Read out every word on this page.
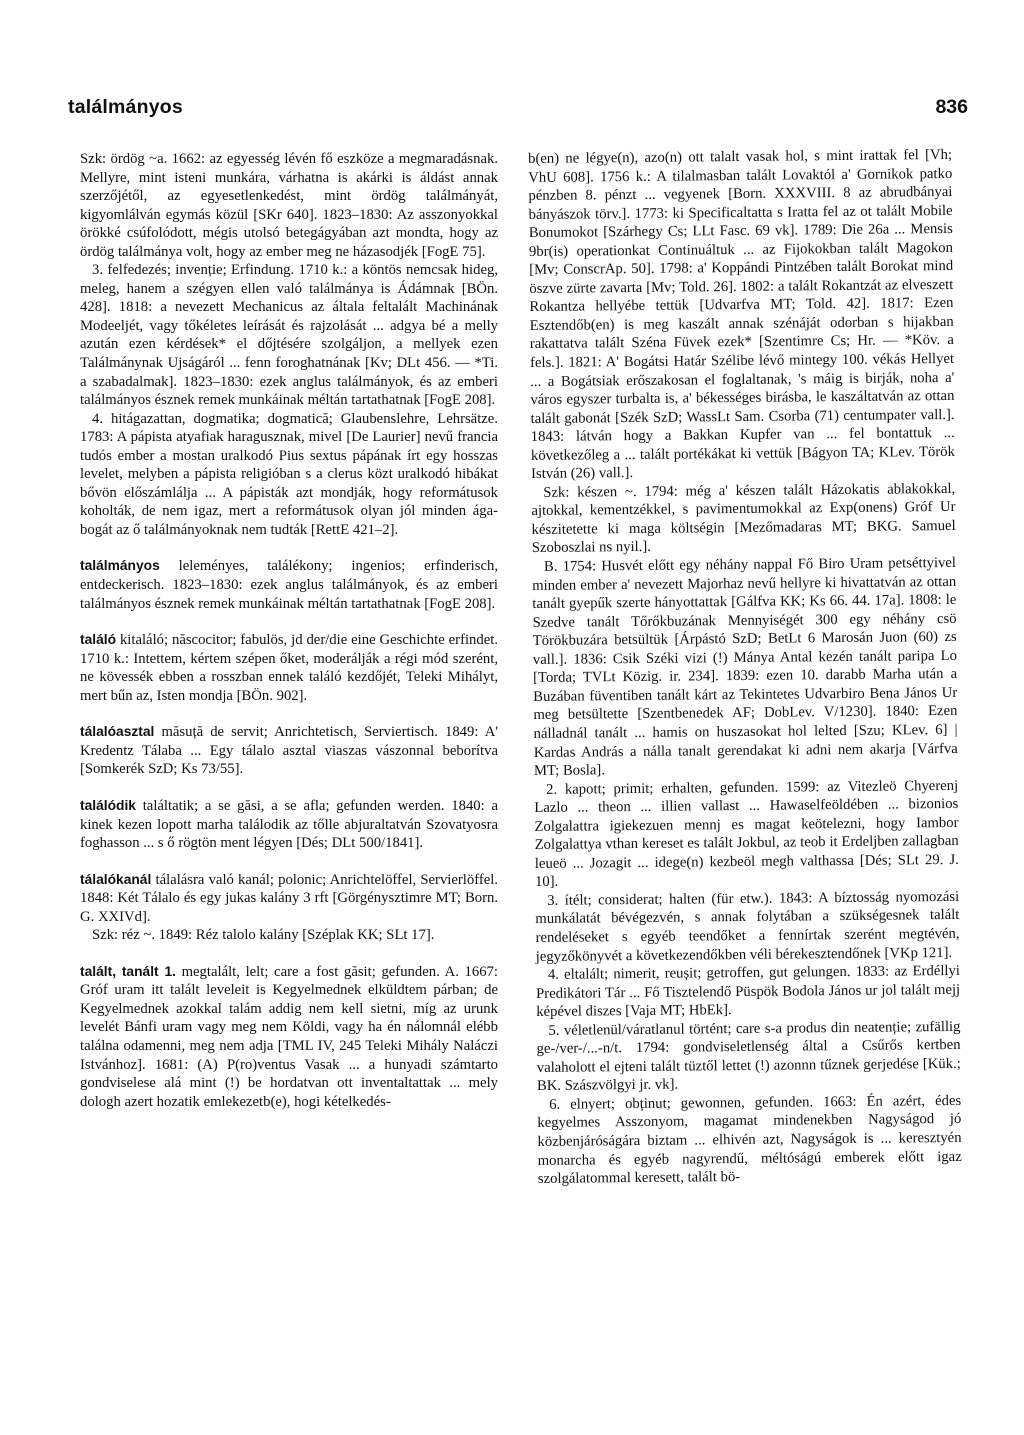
találmányos	836

Szk: ördög ~a. 1662: az egyesség lévén fő eszköze a megmaradásnak. Mellyre, mint isteni munkára, várhatna is akárki is áldást annak szerzőjétől, az egyesetlenkedést, mint ördög találmányát, kigyomlálván egymás közül [SKr 640]. 1823–1830: Az asszonyokkal örökké csúfolódott, mégis utolsó betegágyában azt mondta, hogy az ördög találmánya volt, hogy az ember meg ne házasodjék [FogE 75].

3. felfedezés; invenție; Erfindung. 1710 k.: a köntös nemcsak hideg, meleg, hanem a szégyen ellen való találmánya is Ádámnak [BÖn. 428]. 1818: a nevezett Mechanicus az általa feltalált Machinának Modeeljét, vagy tőkéletes leírását és rajzolását ... adgya bé a melly azután ezen kérdések* el dőjtésére szolgáljon, a mellyek ezen Találmánynak Ujságáról ... fenn foroghatnának [Kv; DLt 456. — *Ti. a szabadalmak]. 1823–1830: ezek anglus találmányok, és az emberi találmányos észnek remek munkáinak méltán tartathatnak [FogE 208].

4. hitágazattan, dogmatika; dogmatică; Glaubenslehre, Lehrsätze. 1783: A pápista atyafiak haragusznak, mivel [De Laurier] nevű francia tudós ember a mostan uralkodó Pius sextus pápának írt egy hosszas levelet, melyben a pápista religióban s a clerus közt uralkodó hibákat bővön előszámlálja ... A pápisták azt mondják, hogy reformátusok koholták, de nem igaz, mert a reformátusok olyan jól minden ága-bogát az ő találmányoknak nem tudták [RettE 421–2].

találmányos leleményes, találékony; ingenios; erfinderisch, entdeckerisch. 1823–1830: ezek anglus találmányok, és az emberi találmányos észnek remek munkáinak méltán tartathatnak [FogE 208].

találó kitaláló; născocitor; fabulös, jd der/die eine Geschichte erfindet. 1710 k.: Intettem, kértem szépen őket, moderálják a régi mód szerént, ne kövessék ebben a rosszban ennek találó kezdőjét, Teleki Mihályt, mert bűn az, Isten mondja [BÖn. 902].

tálalóasztal măsuță de servit; Anrichtetisch, Serviertisch. 1849: A' Kredentz Tálaba ... Egy tálalo asztal viaszas vászonnal beborítva [Somkerék SzD; Ks 73/55].

találódik találtatik; a se găsi, a se afla; gefunden werden. 1840: a kinek kezen lopott marha találodik az tőlle abjuraltatván Szovatyosra foghasson ... s ő rögtön ment légyen [Dés; DLt 500/1841].

tálalókanál tálalásra való kanál; polonic; Anrichtelöffel, Servierlöffel. 1848: Két Tálalo és egy jukas kalány 3 rft [Görgénysztimre MT; Born. G. XXIVd].

Szk: réz ~. 1849: Réz talolo kalány [Széplak KK; SLt 17].

talált, tanált 1. megtalált, lelt; care a fost găsit; gefunden. A. 1667: Gróf uram itt talált leveleit is Kegyelmednek elküldtem párban; de Kegyelmednek azokkal talám addig nem kell sietni, míg az urunk levelét Bánfi uram vagy meg nem Köldi, vagy ha én nálomnál elébb találna odamenni, meg nem adja [TML IV, 245 Teleki Mihály Naláczi Istvánhoz]. 1681: (A) P(ro)ventus Vasak ... a hunyadi számtarto gondviselese alá mint (!) be hordatvan ott inventaltattak ... mely dologh azert hozatik emlekezetb(e), hogi kételkedés-

b(en) ne légye(n), azo(n) ott talalt vasak hol, s mint irattak fel [Vh; VhU 608]. 1756 k.: A tilalmasban talált Lovaktól a' Gornikok patko pénzben 8. pénzt ... vegyenek [Born. XXXVIII. 8 az abrudbányai bányászok törv.]. 1773: ki Specificaltatta s Iratta fel az ot talált Mobile Bonumokot [Szárhegy Cs; LLt Fasc. 69 vk]. 1789: Die 26a ... Mensis 9br(is) operationkat Continuáltuk ... az Fijokokban talált Magokon [Mv; ConscrAp. 50]. 1798: a' Koppándi Pintzében talált Borokat mind öszve zürte zavarta [Mv; Told. 26]. 1802: a talált Rokantzát az elveszett Rokantza hellyébe tettük [Udvarfva MT; Told. 42]. 1817: Ezen Esztendőb(en) is meg kaszált annak szénáját odorban s hijakban rakattatva talált Széna Füvek ezek* [Szentimre Cs; Hr. — *Köv. a fels.]. 1821: A' Bogátsi Határ Szélibe lévő mintegy 100. vékás Hellyet ... a Bogátsiak erőszakosan el foglaltanak, 's máig is birják, noha a' város egyszer turbalta is, a' békességes birásba, le kaszáltatván az ottan talált gabonát [Szék SzD; WassLt Sam. Csorba (71) centumpater vall.]. 1843: látván hogy a Bakkan Kupfer van ... fel bontattuk ... következőleg a ... talált portékákat ki vettük [Bágyon TA; KLev. Török István (26) vall.].

Szk: készen ~. 1794: még a' készen talált Házokatis ablakokkal, ajtokkal, kementzékkel, s pavimentumokkal az Exp(onens) Gróf Ur készitetette ki maga költségin [Mezőmadaras MT; BKG. Samuel Szoboszlai ns nyil.].

B. 1754: Husvét előtt egy néhány nappal Fő Biro Uram petséttyivel minden ember a' nevezett Majorhaz nevű hellyre ki hivattatván az ottan tanált gyepűk szerte hányottattak [Gálfva KK; Ks 66. 44. 17a]. 1808: le Szedve tanált Tőrőkbuzának Mennyiségét 300 egy néhány csö Törökbuzára betsültük [Árpástó SzD; BetLt 6 Marosán Juon (60) zs vall.]. 1836: Csik Széki vizi (!) Mánya Antal kezén tanált paripa Lo [Torda; TVLt Közig. ir. 234]. 1839: ezen 10. darabb Marha után a Buzában füventiben tanált kárt az Tekintetes Udvarbiro Bena János Ur meg betsültette [Szentbenedek AF; DobLev. V/1230]. 1840: Ezen nálladnál tanált ... hamis on huszasokat hol lelted [Szu; KLev. 6] | Kardas András a nálla tanalt gerendakat ki adni nem akarja [Várfva MT; Bosla].

2. kapott; primit; erhalten, gefunden. 1599: az Vitezleö Chyerenj Lazlo ... theon ... illien vallast ... Hawaselfeöldében ... bizonios Zolgalattra igiekezuen mennj es magat keötelezni, hogy Iambor Zolgalattya vthan kereset es talált Jokbul, az teob it Erdeljben zallagban leueö ... Jozagit ... idege(n) kezbeöl megh valthassa [Dés; SLt 29. J. 10].

3. ítélt; considerat; halten (für etw.). 1843: A bíztosság nyomozási munkálatát bévégezvén, s annak folytában a szükségesnek talált rendeléseket s egyéb teendőket a fennírtak szerént megtévén, jegyzőkönyvét a következendőkben véli bérekesztendőnek [VKp 121].

4. eltalált; nimerit, reușit; getroffen, gut gelungen. 1833: az Erdéllyi Predikátori Tár ... Fő Tisztelendő Püspök Bodola János ur jol talált mejj képével diszes [Vaja MT; HbEk].

5. véletlenül/váratlanul történt; care s-a produs din neatenție; zufällig ge-/ver-/...-n/t. 1794: gondviseletlenség által a Csűrős kertben valaholott el ejteni talált tüztől lettet (!) azonnn tűznek gerjedése [Kük.; BK. Szászvölgyi jr. vk].

6. elnyert; obținut; gewonnen, gefunden. 1663: Én azért, édes kegyelmes Asszonyom, magamat mindenekben Nagyságod jó közbenjáróságára biztam ... elhivén azt, Nagyságok is ... keresztyén monarcha és egyéb nagyrendű, méltóságú emberek előtt igaz szolgálatommal keresett, talált bö-
